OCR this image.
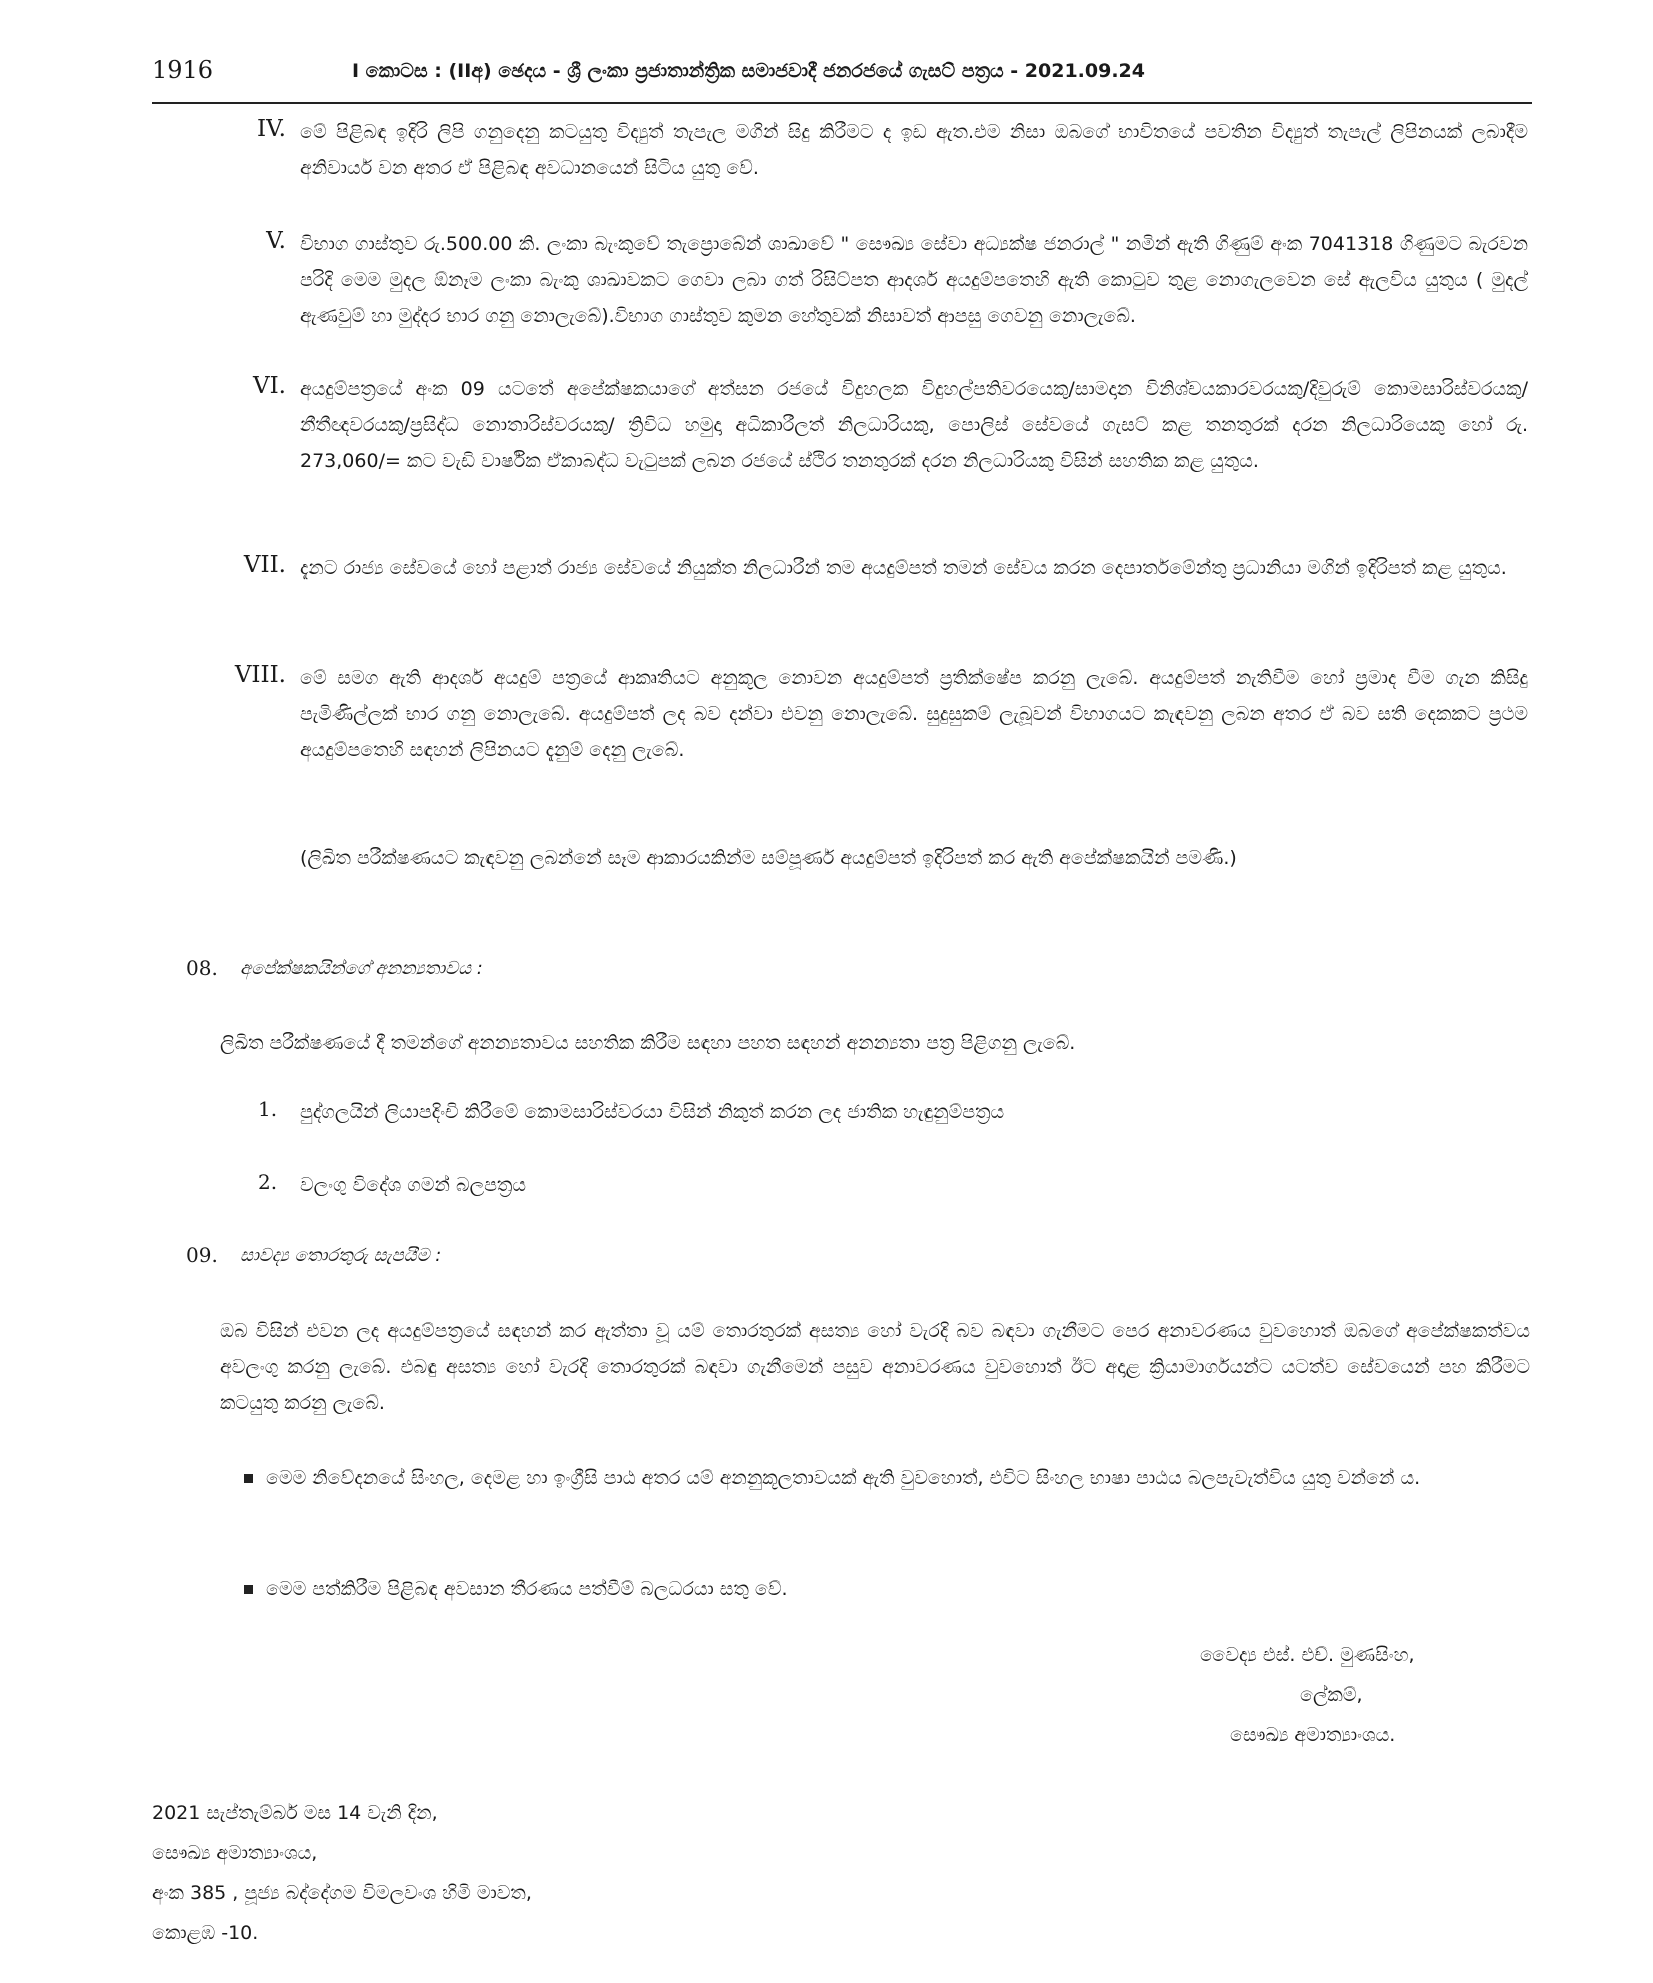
1916	I කොටස : (IIඅ) ඡෙදය - ශ්‍රී ලංකා ප්‍රජාතාන්ත්‍රික සමාජවාදී ජනරජයේ ගැසට් පත්‍රය - 2021.09.24
IV. මේ පිළිබඳ ඉදිරි ලිපි ගනුදෙනු කටයුතු විද්‍යුත් තැපැල මගින් සිදු කිරීමට ද ඉඩ ඇත.එම නිසා ඔබගේ භාවිතයේ පවතින විද්‍යුත් තැපැල් ලිපිනයක් ලබාදීම අනිවාර්ය වන අතර ඒ පිළිබඳ අවධානයෙන් සිටිය යුතු වේ.
V. විභාග ගාස්තුව රු.500.00 කි. ලංකා බැංකුවේ තැප්‍රොබේන් ශාඛාවේ " සෞඛ්‍ය සේවා අධ්‍යක්ෂ ජනරාල් " නමින් ඇති ගිණුම් අංක 7041318 ගිණුමට බැරවන පරිදි මෙම මුදල ඕනෑම ලංකා බැංකු ශාඛාවකට ගෙවා ලබා ගත් රිසිට්පත ආදර්ශ අයදුම්පතෙහි ඇති කොටුව තුළ නොගැලවෙන සේ ඇලවිය යුතුය ( මුදල් ඇණවුම් හා මුද්දර භාර ගනු නොලැබේ).විභාග ගාස්තුව කුමන හේතුවක් නිසාවත් ආපසු ගෙවනු නොලැබේ.
VI. අයදුම්පත්‍රයේ අංක 09 යටතේ අපේක්ෂකයාගේ අත්සන රජයේ විදුහලක විදුහල්පතිවරයෙකු/සාමදාන විනිශ්චයකාරවරයකු/දිවුරුම් කොමසාරිස්වරයකු/නීතීඥවරයකු/ප්‍රසිද්ධ නොතාරිස්වරයකු/ ත්‍රිවිධ හමුදා අධිකාරීලත් නිලධාරියකු, පොලිස් සේවයේ ගැසට් කළ තනතුරක් දරන නිලධාරියෙකු හෝ රු. 273,060/= කට වැඩි වාර්ෂික ඒකාබද්ධ වැටුපක් ලබන රජයේ ස්ථිර තනතුරක් දරන නිලධාරියකු විසින් සහතික කළ යුතුය.
VII. දැනට රාජ්‍ය සේවයේ හෝ පළාත් රාජ්‍ය සේවයේ නියුක්ත නිලධාරීන් තම අයදුම්පත් තමන් සේවය කරන දෙපාර්තමේන්තු ප්‍රධානියා මගින් ඉදිරිපත් කළ යුතුය.
VIII. මේ සමග ඇති ආදර්ශ අයදුම් පත්‍රයේ ආකෘතියට අනුකූල නොවන අයදුම්පත් ප්‍රතික්ෂේප කරනු ලැබේ. අයදුම්පත් නැතිවීම හෝ ප්‍රමාද වීම ගැන කිසිදු පැමිණිල්ලක් භාර ගනු නොලැබේ. අයදුම්පත් ලද බව දන්වා එවනු නොලැබේ. සුදුසුකම් ලැබූවන් විභාගයට කැඳවනු ලබන අතර ඒ බව සති දෙකකට ප්‍රථම අයදුම්පතෙහි සඳහන් ලිපිනයට දැනුම් දෙනු ලැබේ.
(ලිඛිත පරීක්ෂණයට කැඳවනු ලබන්නේ සෑම ආකාරයකින්ම සම්පූර්ණ අයදුම්පත් ඉදිරිපත් කර ඇති අපේක්ෂකයින් පමණි.)
08. අපේක්ෂකයින්ගේ අනන්‍යතාවය :
ලිඛිත පරීක්ෂණයේ දී තමන්ගේ අනන්‍යතාවය සහතික කිරීම සඳහා පහත සඳහන් අනන්‍යතා පත්‍ර පිළිගනු ලැබේ.
1. පුද්ගලයින් ලියාපදිංචි කිරීමේ කොමසාරිස්වරයා විසින් නිකුත් කරන ලද ජාතික හැඳුනුම්පත්‍රය
2. වලංගු විදේශ ගමන් බලපත්‍රය
09. සාවද්‍ය තොරතුරු සැපයීම :
ඔබ විසින් එවන ලද අයදුම්පත්‍රයේ සඳහන් කර ඇත්තා වූ යම් තොරතුරක් අසත්‍ය හෝ වැරදි බව බඳවා ගැනීමට පෙර අනාවරණය වුවහොත් ඔබගේ අපේක්ෂකත්වය අවලංගු කරනු ලැබේ. එබඳු අසත්‍ය හෝ වැරදි තොරතුරක් බඳවා ගැනීමෙන් පසුව අනාවරණය වුවහොත් ඊට අදාළ ක්‍රියාමාර්ගයන්ට යටත්ව සේවයෙන් පහ කිරීමට කටයුතු කරනු ලැබේ.
මෙම නිවේදනයේ සිංහල, දෙමළ හා ඉංග්‍රීසි පාඨ අතර යම් අනනුකූලතාවයක් ඇති වුවහොත්, එවිට සිංහල භාෂා පාඨය බලපැවැත්විය යුතු වන්නේ ය.
මෙම පත්කිරීම පිළිබඳ අවසාන තීරණය පත්වීම් බලධරයා සතු වේ.
වෛද්‍ය එස්. එච්. මුණසිංහ,
ලේකම්,
සෞඛ්‍ය අමාත්‍යාංශය.
2021 සැප්තැම්බර් මස 14 වැනි දින,
සෞඛ්‍ය අමාත්‍යාංශය,
අංක 385 , පූජ්‍ය බද්දේගම විමලවංශ හිමි මාවත,
කොළඹ -10.
